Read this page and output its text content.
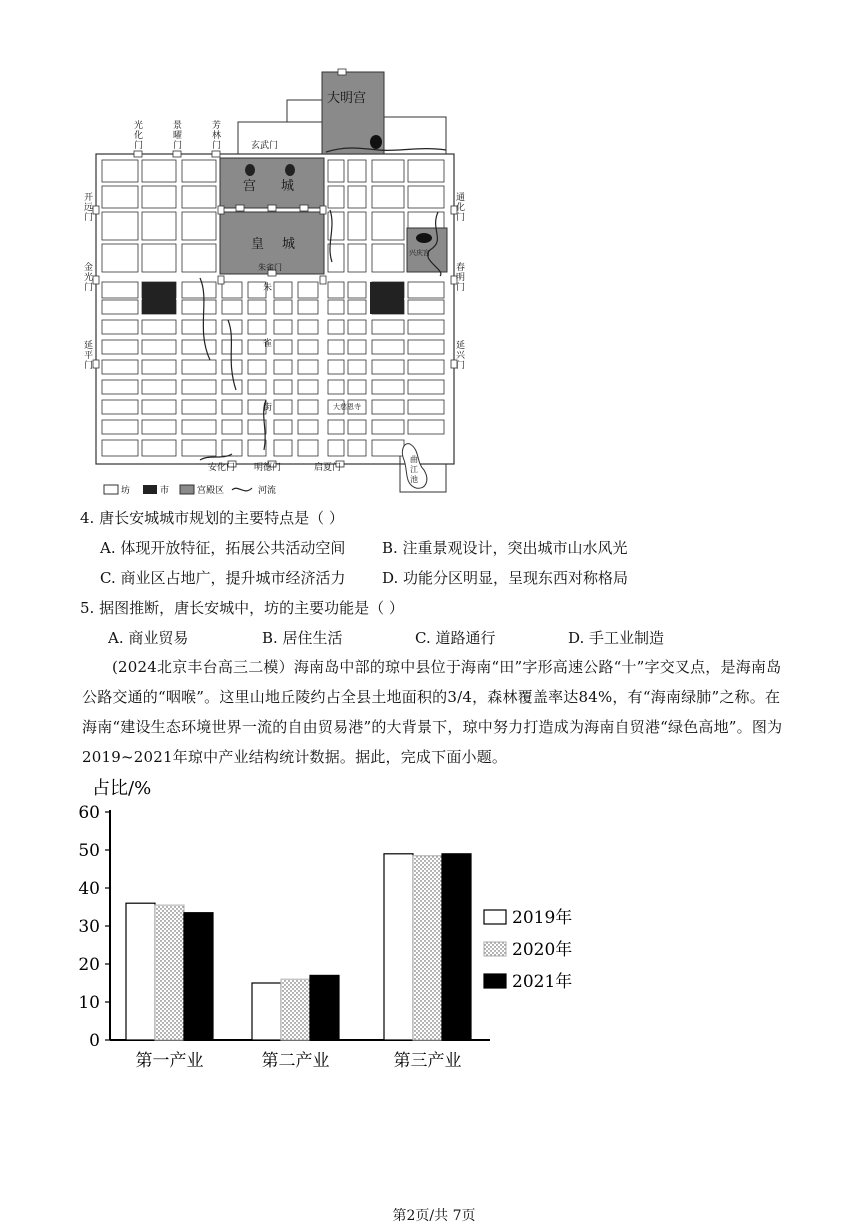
大明宫
玄武门
宫 城
皇 城
朱雀门
兴庆宫
朱
雀
街	大慈恩寺
安化门 明德门	启夏门
光
化
门
景
曜
门
芳
林
门
开
远
门
金
光
门
延
平
门
通
化
门
春
明
门
延
兴
门
曲
江
池
坊	市	宫殿区	河流
4. 唐长安城城市规划的主要特点是（ ）
A. 体现开放特征，拓展公共活动空间 B. 注重景观设计，突出城市山水风光
C. 商业区占地广，提升城市经济活力 D. 功能分区明显，呈现东西对称格局
5. 据图推断，唐长安城中，坊的主要功能是（ ）
A. 商业贸易	B. 居住生活	C. 道路通行	D. 手工业制造
(2024北京丰台高三二模）海南岛中部的琼中县位于海南“田”字形高速公路“十”字交叉点，是海南岛公路交通的“咽喉”。这里山地丘陵约占全县土地面积的3/4，森林覆盖率达84%，有“海南绿肺”之称。在海南“建设生态环境世界一流的自由贸易港”的大背景下，琼中努力打造成为海南自贸港“绿色高地”。图为2019~2021年琼中产业结构统计数据。据此，完成下面小题。
占比/%
0
10
20
30
40
50
60
第一产业	第二产业	第三产业
2019年
2020年
2021年
第2页/共 7页
